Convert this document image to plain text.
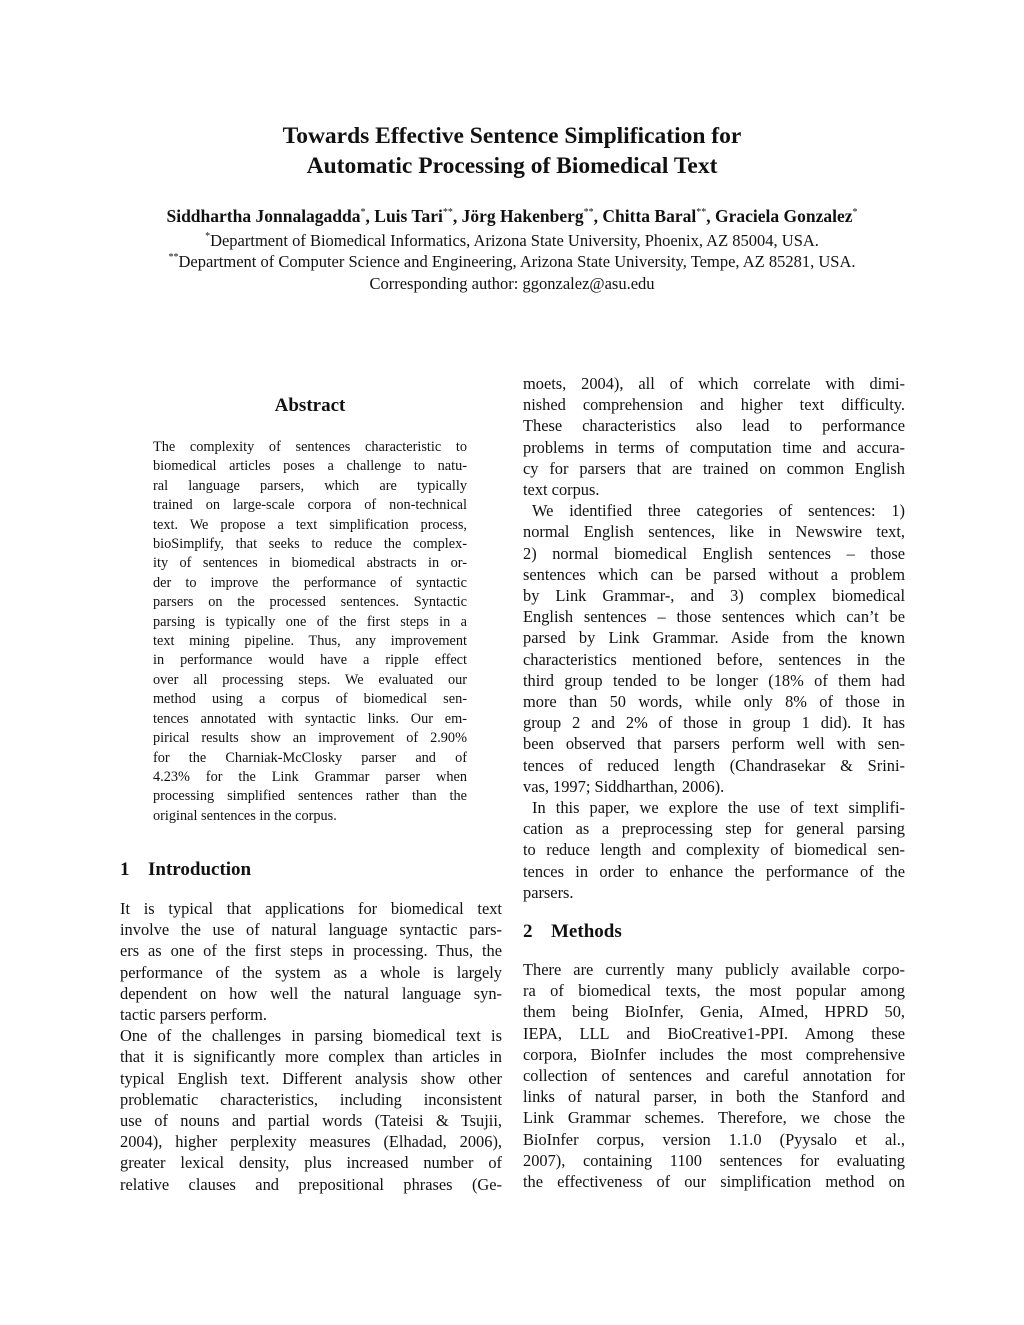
Towards Effective Sentence Simplification for
Automatic Processing of Biomedical Text
Siddhartha Jonnalagadda*, Luis Tari**, Jörg Hakenberg**, Chitta Baral**, Graciela Gonzalez*
*Department of Biomedical Informatics, Arizona State University, Phoenix, AZ 85004, USA.
**Department of Computer Science and Engineering, Arizona State University, Tempe, AZ 85281, USA.
Corresponding author: ggonzalez@asu.edu
Abstract
The complexity of sentences characteristic to
biomedical articles poses a challenge to natu-
ral language parsers, which are typically
trained on large-scale corpora of non-technical
text. We propose a text simplification process,
bioSimplify, that seeks to reduce the complex-
ity of sentences in biomedical abstracts in or-
der to improve the performance of syntactic
parsers on the processed sentences. Syntactic
parsing is typically one of the first steps in a
text mining pipeline. Thus, any improvement
in performance would have a ripple effect
over all processing steps. We evaluated our
method using a corpus of biomedical sen-
tences annotated with syntactic links. Our em-
pirical results show an improvement of 2.90%
for the Charniak-McClosky parser and of
4.23% for the Link Grammar parser when
processing simplified sentences rather than the
original sentences in the corpus.
1 Introduction
It is typical that applications for biomedical text
involve the use of natural language syntactic pars-
ers as one of the first steps in processing. Thus, the
performance of the system as a whole is largely
dependent on how well the natural language syn-
tactic parsers perform.
One of the challenges in parsing biomedical text is
that it is significantly more complex than articles in
typical English text. Different analysis show other
problematic characteristics, including inconsistent
use of nouns and partial words (Tateisi & Tsujii,
2004), higher perplexity measures (Elhadad, 2006),
greater lexical density, plus increased number of
relative clauses and prepositional phrases (Ge-
moets, 2004), all of which correlate with dimi-
nished comprehension and higher text difficulty.
These characteristics also lead to performance
problems in terms of computation time and accura-
cy for parsers that are trained on common English
text corpus.
We identified three categories of sentences: 1)
normal English sentences, like in Newswire text,
2) normal biomedical English sentences – those
sentences which can be parsed without a problem
by Link Grammar-, and 3) complex biomedical
English sentences – those sentences which can’t be
parsed by Link Grammar. Aside from the known
characteristics mentioned before, sentences in the
third group tended to be longer (18% of them had
more than 50 words, while only 8% of those in
group 2 and 2% of those in group 1 did). It has
been observed that parsers perform well with sen-
tences of reduced length (Chandrasekar & Srini-
vas, 1997; Siddharthan, 2006).
In this paper, we explore the use of text simplifi-
cation as a preprocessing step for general parsing
to reduce length and complexity of biomedical sen-
tences in order to enhance the performance of the
parsers.
2 Methods
There are currently many publicly available corpo-
ra of biomedical texts, the most popular among
them being BioInfer, Genia, AImed, HPRD 50,
IEPA, LLL and BioCreative1-PPI. Among these
corpora, BioInfer includes the most comprehensive
collection of sentences and careful annotation for
links of natural parser, in both the Stanford and
Link Grammar schemes. Therefore, we chose the
BioInfer corpus, version 1.1.0 (Pyysalo et al.,
2007), containing 1100 sentences for evaluating
the effectiveness of our simplification method on
